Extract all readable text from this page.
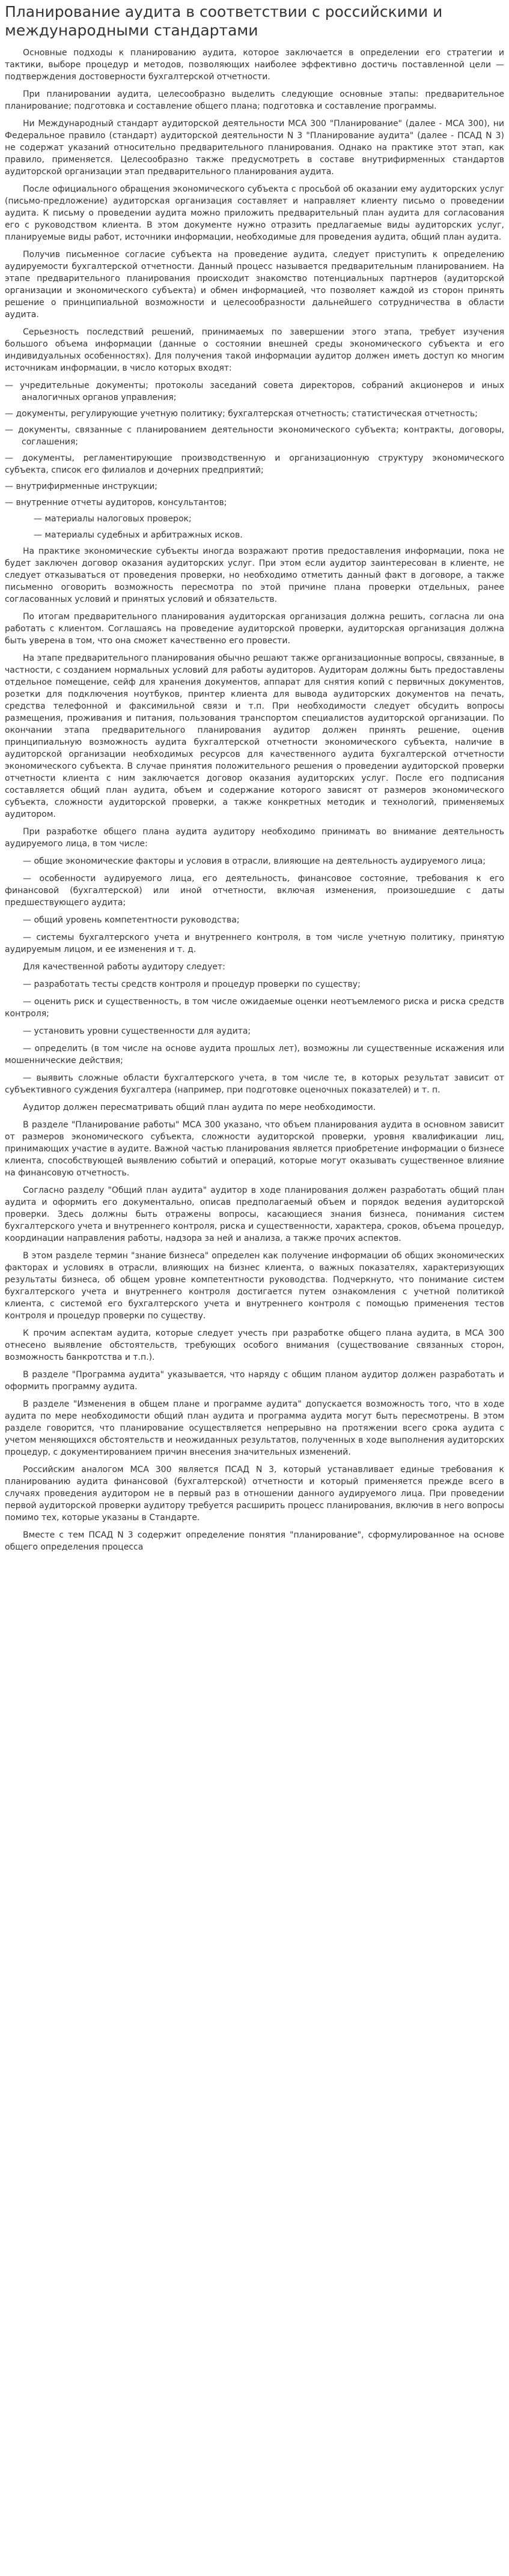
Планирование аудита в соответствии с российскими и международными стандартами

Основные подходы к планированию аудита, которое заключается в определении его стратегии и тактики, выборе процедур и методов, позволяющих наиболее эффективно достичь поставленной цели —подтверждения достоверности бухгалтерской отчетности.

При планировании аудита, целесообразно выделить следующие основные этапы: предварительное планирование; подготовка и составление общего плана; подготовка и составление программы.

Ни Международный стандарт аудиторской деятельности МСА 300 "Планирование" (далее - МСА 300), ни Федеральное правило (стандарт) аудиторской деятельности N 3 "Планирование аудита" (далее - ПСАД N 3) не содержат указаний относительно предварительного планирования. Однако на практике этот этап, как правило, применяется. Целесообразно также предусмотреть в составе внутрифирменных стандартов аудиторской организации этап предварительного планирования аудита.

После официального обращения экономического субъекта с просьбой об оказании ему аудиторских услуг (письмо-предложение) аудиторская организация составляет и направляет клиенту письмо о проведении аудита. К письму о проведении аудита можно приложить предварительный план аудита для согласования его с руководством клиента. В этом документе нужно отразить предлагаемые виды аудиторских услуг, планируемые виды работ, источники информации, необходимые для проведения аудита, общий план аудита.

Получив письменное согласие субъекта на проведение аудита, следует приступить к определению аудируемости бухгалтерской отчетности. Данный процесс называется предварительным планированием. На этапе предварительного планирования происходит знакомство потенциальных партнеров (аудиторской организации и экономического субъекта) и обмен информацией, что позволяет каждой из сторон принять решение о принципиальной возможности и целесообразности дальнейшего сотрудничества в области аудита.

Серьезность последствий решений, принимаемых по завершении этого этапа, требует изучения большого объема информации (данные о состоянии внешней среды экономического субъекта и его индивидуальных особенностях). Для получения такой информации аудитор должен иметь доступ ко многим источникам информации, в число которых входят:

— учредительные документы; протоколы заседаний совета директоров, собраний акционеров и иных аналогичных органов управления;

— документы, регулирующие учетную политику; бухгалтерская отчетность; статистическая отчетность;

— документы, связанные с планированием деятельности экономического субъекта; контракты, договоры, соглашения;

— документы, регламентирующие производственную и организационную структуру экономического субъекта, список его филиалов и дочерних предприятий;

— внутрифирменные инструкции;

— внутренние отчеты аудиторов, консультантов;

— материалы налоговых проверок;

— материалы судебных и арбитражных исков.

На практике экономические субъекты иногда возражают против предоставления информации, пока не будет заключен договор оказания аудиторских услуг. При этом если аудитор заинтересован в клиенте, не следует отказываться от проведения проверки, но необходимо отметить данный факт в договоре, а также письменно оговорить возможность пересмотра по этой причине плана проверки отдельных, ранее согласованных условий и принятых условий и обязательств.

По итогам предварительного планирования аудиторская организация должна решить, согласна ли она работать с клиентом. Соглашаясь на проведение аудиторской проверки, аудиторская организация должна быть уверена в том, что она сможет качественно его провести.

На этапе предварительного планирования обычно решают также организационные вопросы, связанные, в частности, с созданием нормальных условий для работы аудиторов. Аудиторам должны быть предоставлены отдельное помещение, сейф для хранения документов, аппарат для снятия копий с первичных документов, розетки для подключения ноутбуков, принтер клиента для вывода аудиторских документов на печать, средства телефонной и факсимильной связи и т.п. При необходимости следует обсудить вопросы размещения, проживания и питания, пользования транспортом специалистов аудиторской организации. По окончании этапа предварительного планирования аудитор должен принять решение, оценив принципиальную возможность аудита бухгалтерской отчетности экономического субъекта, наличие в аудиторской организации необходимых ресурсов для качественного аудита бухгалтерской отчетности экономического субъекта. В случае принятия положительного решения о проведении аудиторской проверки отчетности клиента с ним заключается договор оказания аудиторских услуг. После его подписания составляется общий план аудита, объем и содержание которого зависят от размеров экономического субъекта, сложности аудиторской проверки, а также конкретных методик и технологий, применяемых аудитором.

При разработке общего плана аудита аудитору необходимо принимать во внимание деятельность аудируемого лица, в том числе:

— общие экономические факторы и условия в отрасли, влияющие на деятельность аудируемого лица;

— особенности аудируемого лица, его деятельность, финансовое состояние, требования к его финансовой (бухгалтерской) или иной отчетности, включая изменения, произошедшие с даты предшествующего аудита;

— общий уровень компетентности руководства;

— системы бухгалтерского учета и внутреннего контроля, в том числе учетную политику, принятую аудируемым лицом, и ее изменения и т. д.

Для качественной работы аудитору следует:

— разработать тесты средств контроля и процедур проверки по существу;

— оценить риск и существенность, в том числе ожидаемые оценки неотъемлемого риска и риска средств контроля;

— установить уровни существенности для аудита;

— определить (в том числе на основе аудита прошлых лет), возможны ли существенные искажения или мошеннические действия;

— выявить сложные области бухгалтерского учета, в том числе те, в которых результат зависит от субъективного суждения бухгалтера (например, при подготовке оценочных показателей) и т. п.

Аудитор должен пересматривать общий план аудита по мере необходимости.

В разделе "Планирование работы" МСА 300 указано, что объем планирования аудита в основном зависит от размеров экономического субъекта, сложности аудиторской проверки, уровня квалификации лиц, принимающих участие в аудите. Важной частью планирования является приобретение информации о бизнесе клиента, способствующей выявлению событий и операций, которые могут оказывать существенное влияние на финансовую отчетность.

Согласно разделу "Общий план аудита" аудитор в ходе планирования должен разработать общий план аудита и оформить его документально, описав предполагаемый объем и порядок ведения аудиторской проверки. Здесь должны быть отражены вопросы, касающиеся знания бизнеса, понимания систем бухгалтерского учета и внутреннего контроля, риска и существенности, характера, сроков, объема процедур, координации направления работы, надзора за ней и анализа, а также прочих аспектов.

В этом разделе термин "знание бизнеса" определен как получение информации об общих экономических факторах и условиях в отрасли, влияющих на бизнес клиента, о важных показателях, характеризующих результаты бизнеса, об общем уровне компетентности руководства. Подчеркнуто, что понимание систем бухгалтерского учета и внутреннего контроля достигается путем ознакомления с учетной политикой клиента, с системой его бухгалтерского учета и внутреннего контроля с помощью применения тестов контроля и процедур проверки по существу.

К прочим аспектам аудита, которые следует учесть при разработке общего плана аудита, в МСА 300 отнесено выявление обстоятельств, требующих особого внимания (существование связанных сторон, возможность банкротства и т.п.).

В разделе "Программа аудита" указывается, что наряду с общим планом аудитор должен разработать и оформить программу аудита.

В разделе "Изменения в общем плане и программе аудита" допускается возможность того, что в ходе аудита по мере необходимости общий план аудита и программа аудита могут быть пересмотрены. В этом разделе говорится, что планирование осуществляется непрерывно на протяжении всего срока аудита с учетом меняющихся обстоятельств и неожиданных результатов, полученных в ходе выполнения аудиторских процедур, с документированием причин внесения значительных изменений.

Российским аналогом МСА 300 является ПСАД N 3, который устанавливает единые требования к планированию аудита финансовой (бухгалтерской) отчетности и который применяется прежде всего в случаях проведения аудитором не в первый раз в отношении данного аудируемого лица. При проведении первой аудиторской проверки аудитору требуется расширить процесс планирования, включив в него вопросы помимо тех, которые указаны в Стандарте.

Вместе с тем ПСАД N 3 содержит определение понятия "планирование", сформулированное на основе общего определения процесса
